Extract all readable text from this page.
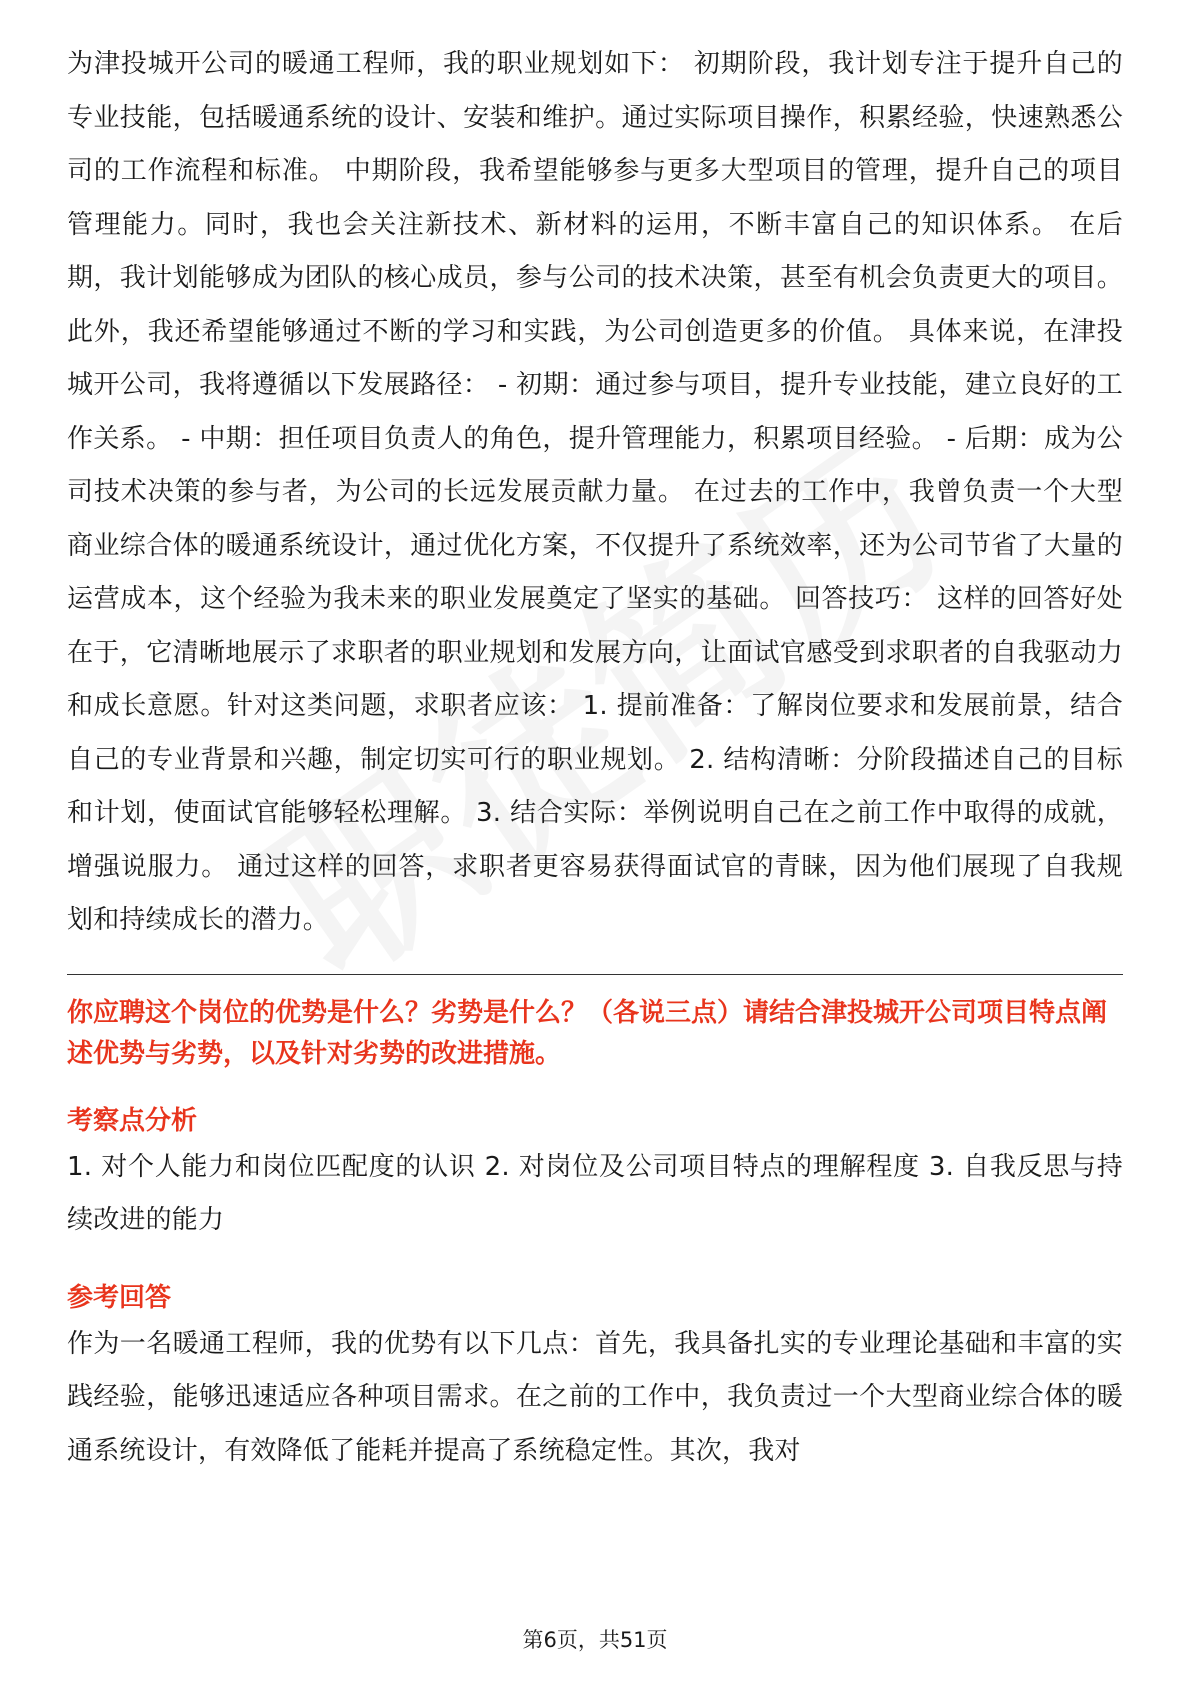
为津投城开公司的暖通工程师，我的职业规划如下： 初期阶段，我计划专注于提升自己的专业技能，包括暖通系统的设计、安装和维护。通过实际项目操作，积累经验，快速熟悉公司的工作流程和标准。 中期阶段，我希望能够参与更多大型项目的管理，提升自己的项目管理能力。同时，我也会关注新技术、新材料的运用，不断丰富自己的知识体系。 在后期，我计划能够成为团队的核心成员，参与公司的技术决策，甚至有机会负责更大的项目。此外，我还希望能够通过不断的学习和实践，为公司创造更多的价值。 具体来说，在津投城开公司，我将遵循以下发展路径： - 初期：通过参与项目，提升专业技能，建立良好的工作关系。 - 中期：担任项目负责人的角色，提升管理能力，积累项目经验。 - 后期：成为公司技术决策的参与者，为公司的长远发展贡献力量。 在过去的工作中，我曾负责一个大型商业综合体的暖通系统设计，通过优化方案，不仅提升了系统效率，还为公司节省了大量的运营成本，这个经验为我未来的职业发展奠定了坚实的基础。 回答技巧： 这样的回答好处在于，它清晰地展示了求职者的职业规划和发展方向，让面试官感受到求职者的自我驱动力和成长意愿。针对这类问题，求职者应该： 1. 提前准备：了解岗位要求和发展前景，结合自己的专业背景和兴趣，制定切实可行的职业规划。 2. 结构清晰：分阶段描述自己的目标和计划，使面试官能够轻松理解。 3. 结合实际：举例说明自己在之前工作中取得的成就，增强说服力。 通过这样的回答，求职者更容易获得面试官的青睐，因为他们展现了自我规划和持续成长的潜力。

你应聘这个岗位的优势是什么？劣势是什么？（各说三点）请结合津投城开公司项目特点阐述优势与劣势，以及针对劣势的改进措施。

考察点分析

1. 对个人能力和岗位匹配度的认识 2. 对岗位及公司项目特点的理解程度 3. 自我反思与持续改进的能力

参考回答

作为一名暖通工程师，我的优势有以下几点：首先，我具备扎实的专业理论基础和丰富的实践经验，能够迅速适应各种项目需求。在之前的工作中，我负责过一个大型商业综合体的暖通系统设计，有效降低了能耗并提高了系统稳定性。其次，我对

第6页，共51页
